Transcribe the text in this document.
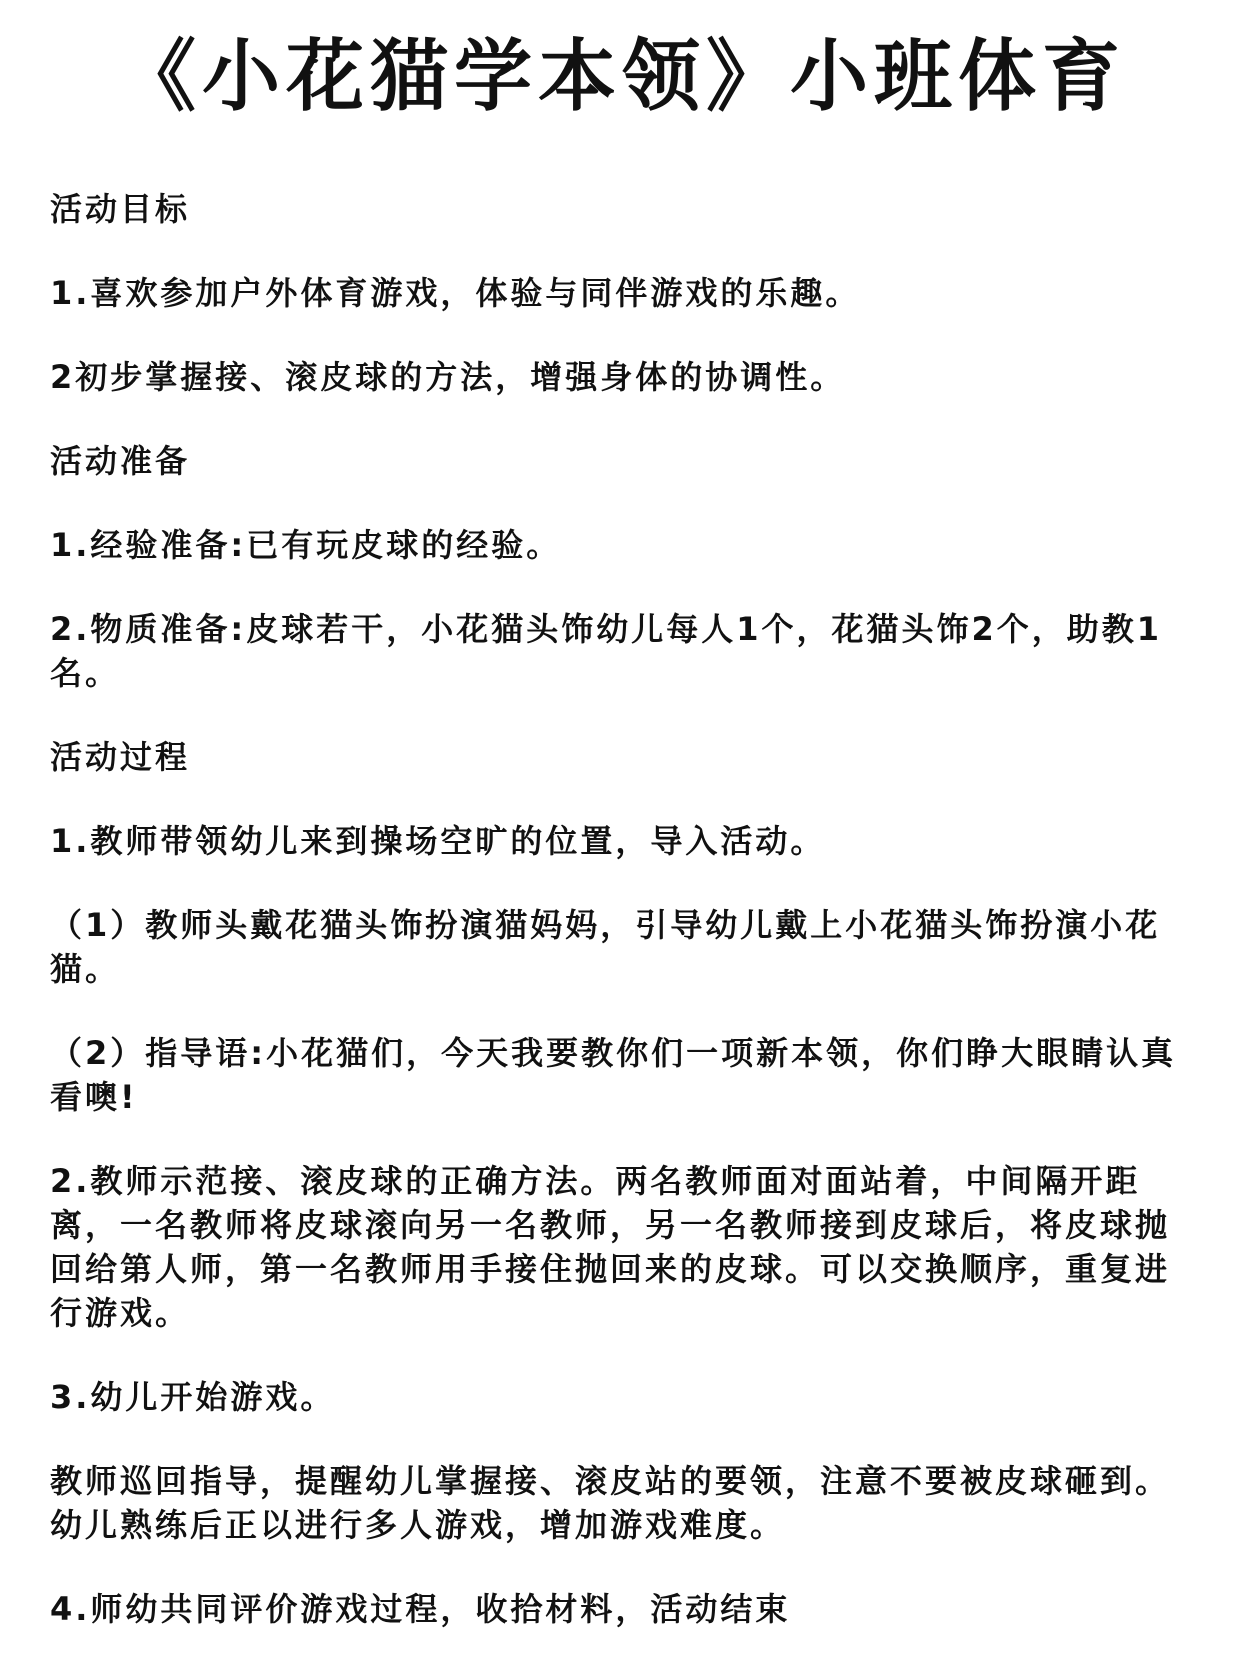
《小花猫学本领》小班体育

活动目标

1.喜欢参加户外体育游戏，体验与同伴游戏的乐趣。

2初步掌握接、滚皮球的方法，增强身体的协调性。

活动准备

1.经验准备:已有玩皮球的经验。

2.物质准备:皮球若干，小花猫头饰幼儿每人1个，花猫头饰2个，助教1名。

活动过程

1.教师带领幼儿来到操场空旷的位置，导入活动。

（1）教师头戴花猫头饰扮演猫妈妈，引导幼儿戴上小花猫头饰扮演小花猫。

（2）指导语:小花猫们，今天我要教你们一项新本领，你们睁大眼睛认真看噢!

2.教师示范接、滚皮球的正确方法。两名教师面对面站着，中间隔开距离，一名教师将皮球滚向另一名教师，另一名教师接到皮球后，将皮球抛回给第人师，第一名教师用手接住抛回来的皮球。可以交换顺序，重复进行游戏。

3.幼儿开始游戏。

教师巡回指导，提醒幼儿掌握接、滚皮站的要领，注意不要被皮球砸到。幼儿熟练后正以进行多人游戏，增加游戏难度。

4.师幼共同评价游戏过程，收拾材料，活动结束
